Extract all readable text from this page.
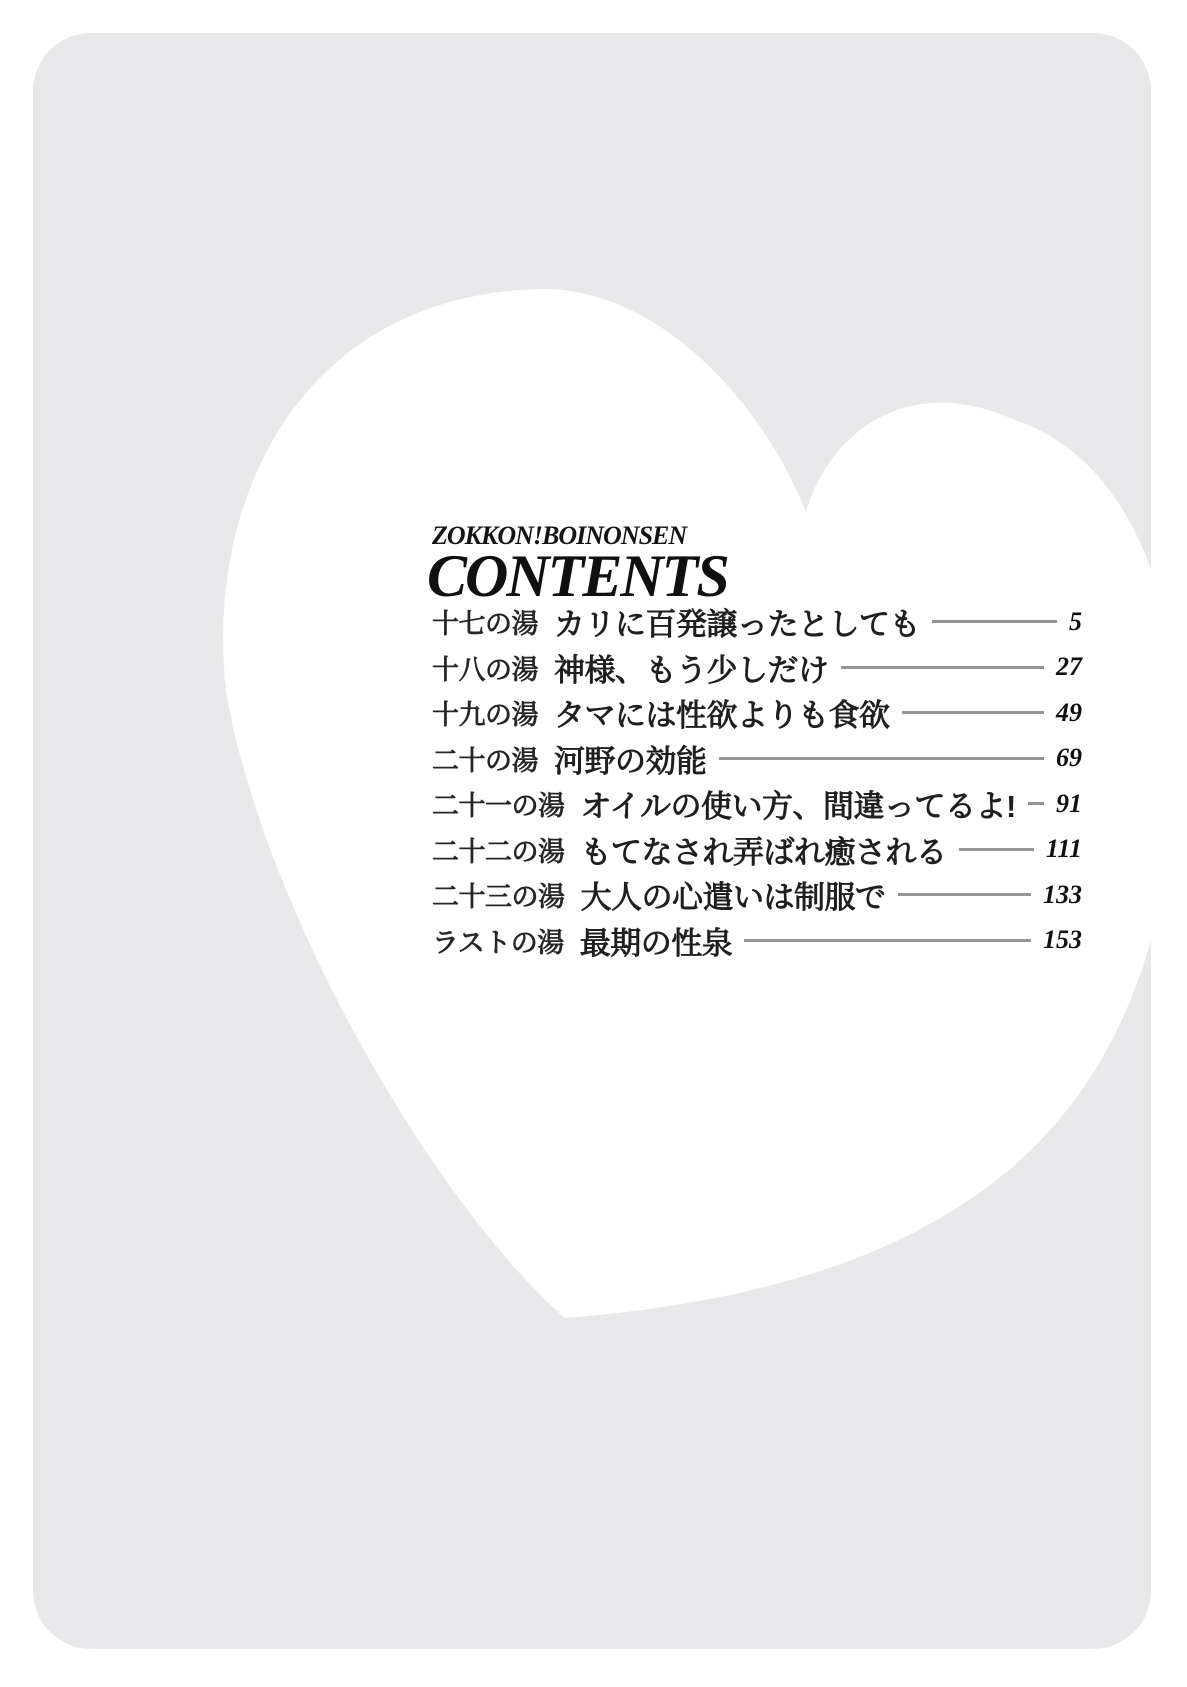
ZOKKON!BOINONSEN
CONTENTS
十七の湯 カリに百発譲ったとしても	5
十八の湯 神様、もう少しだけ	27
十九の湯 タマには性欲よりも食欲	49
二十の湯 河野の効能	69
二十一の湯 オイルの使い方、間違ってるよ! 91
二十二の湯 もてなされ弄ばれ癒される	111
二十三の湯 大人の心遣いは制服で	133
ラストの湯 最期の性泉	153
